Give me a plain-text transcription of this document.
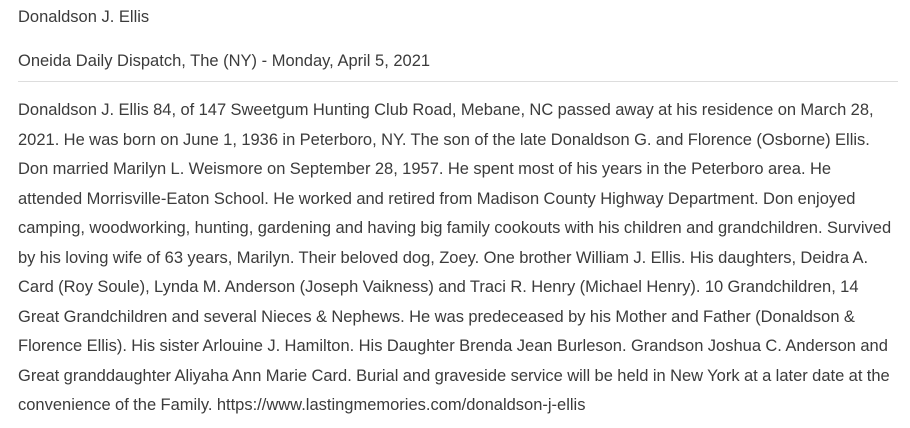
Donaldson J. Ellis
Oneida Daily Dispatch, The (NY) - Monday, April 5, 2021
Donaldson J. Ellis 84, of 147 Sweetgum Hunting Club Road, Mebane, NC passed away at his residence on March 28, 2021. He was born on June 1, 1936 in Peterboro, NY. The son of the late Donaldson G. and Florence (Osborne) Ellis. Don married Marilyn L. Weismore on September 28, 1957. He spent most of his years in the Peterboro area. He attended Morrisville-Eaton School. He worked and retired from Madison County Highway Department. Don enjoyed camping, woodworking, hunting, gardening and having big family cookouts with his children and grandchildren. Survived by his loving wife of 63 years, Marilyn. Their beloved dog, Zoey. One brother William J. Ellis. His daughters, Deidra A. Card (Roy Soule), Lynda M. Anderson (Joseph Vaikness) and Traci R. Henry (Michael Henry). 10 Grandchildren, 14 Great Grandchildren and several Nieces & Nephews. He was predeceased by his Mother and Father (Donaldson & Florence Ellis). His sister Arlouine J. Hamilton. His Daughter Brenda Jean Burleson. Grandson Joshua C. Anderson and Great granddaughter Aliyaha Ann Marie Card. Burial and graveside service will be held in New York at a later date at the convenience of the Family. https://www.lastingmemories.com/donaldson-j-ellis
